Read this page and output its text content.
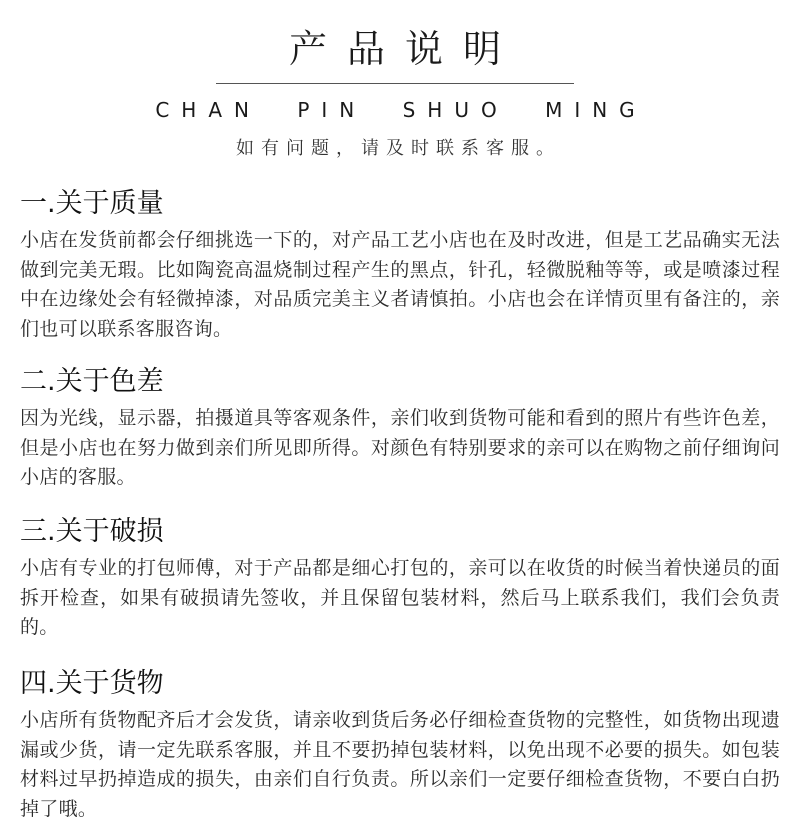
产品说明
CHAN PIN SHUO MING
如有问题，请及时联系客服。
一.关于质量

小店在发货前都会仔细挑选一下的，对产品工艺小店也在及时改进，但是工艺品确实无法做到完美无瑕。比如陶瓷高温烧制过程产生的黑点，针孔，轻微脱釉等等，或是喷漆过程中在边缘处会有轻微掉漆，对品质完美主义者请慎拍。小店也会在详情页里有备注的，亲们也可以联系客服咨询。

二.关于色差

因为光线，显示器，拍摄道具等客观条件，亲们收到货物可能和看到的照片有些许色差，但是小店也在努力做到亲们所见即所得。对颜色有特别要求的亲可以在购物之前仔细询问小店的客服。

三.关于破损

小店有专业的打包师傅，对于产品都是细心打包的，亲可以在收货的时候当着快递员的面拆开检查，如果有破损请先签收，并且保留包装材料，然后马上联系我们，我们会负责的。

四.关于货物

小店所有货物配齐后才会发货，请亲收到货后务必仔细检查货物的完整性，如货物出现遗漏或少货，请一定先联系客服，并且不要扔掉包装材料，以免出现不必要的损失。如包装材料过早扔掉造成的损失，由亲们自行负责。所以亲们一定要仔细检查货物，不要白白扔掉了哦。
